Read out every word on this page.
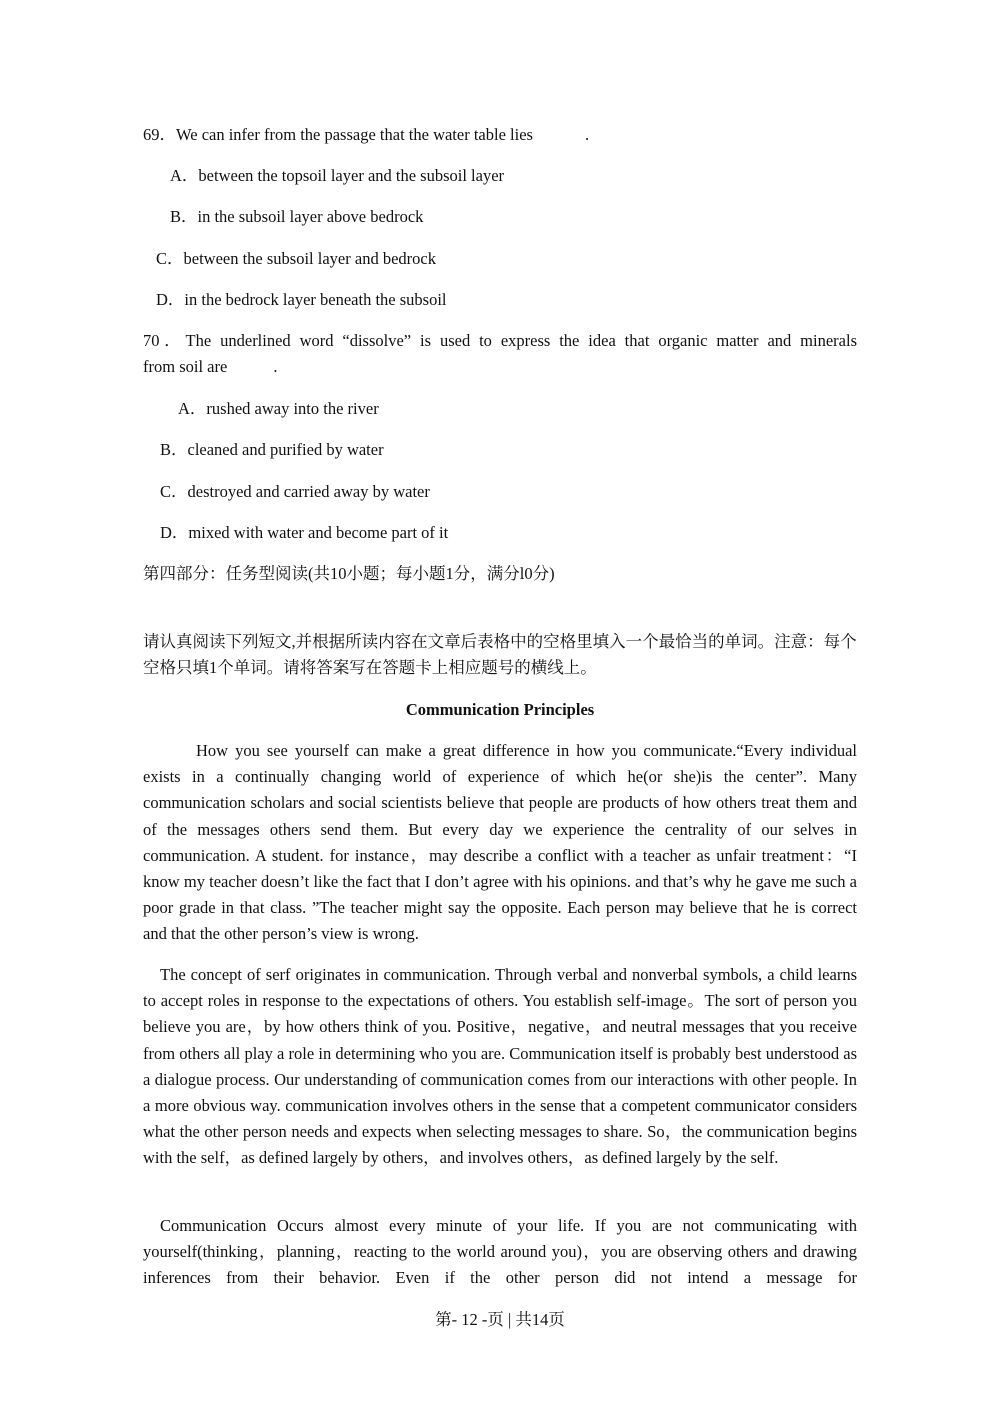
69．We can infer from the passage that the water table lies	.
A．between the topsoil layer and the subsoil layer
B．in the subsoil layer above bedrock
C．between the subsoil layer and bedrock
D．in the bedrock layer beneath the subsoil
70．The underlined word “dissolve” is used to express the idea that organic matter and minerals
from soil are	.
A．rushed away into the river
B．cleaned and purified by water
C．destroyed and carried away by water
D．mixed with water and become part of it
第四部分：任务型阅读(共10小题；每小题1分，满分l0分)
请认真阅读下列短文,并根据所读内容在文章后表格中的空格里填入一个最恰当的单词。注意：每个空格只填1个单词。请将答案写在答题卡上相应题号的横线上。
Communication Principles
How you see yourself can make a great difference in how you communicate.“Every individual exists in a continually changing world of experience of which he(or she)is the center”. Many communication scholars and social scientists believe that people are products of how others treat them and of the messages others send them. But every day we experience the centrality of our selves in communication. A student. for instance，may describe a conflict with a teacher as unfair treatment：“I know my teacher doesn’t like the fact that I don’t agree with his opinions. and that’s why he gave me such a poor grade in that class. ”The teacher might say the opposite. Each person may believe that he is correct and that the other person’s view is wrong.
The concept of serf originates in communication. Through verbal and nonverbal symbols, a child learns to accept roles in response to the expectations of others. You establish self-image。The sort of person you believe you are，by how others think of you. Positive，negative，and neutral messages that you receive from others all play a role in determining who you are. Communication itself is probably best understood as a dialogue process. Our understanding of communication comes from our interactions with other people. In a more obvious way. communication involves others in the sense that a competent communicator considers what the other person needs and expects when selecting messages to share. So，the communication begins with the self，as defined largely by others，and involves others，as defined largely by the self.
Communication Occurs almost every minute of your life. If you are not communicating with yourself(thinking，planning，reacting to the world around you)，you are observing others and drawing inferences from their behavior. Even if the other person did not intend a message for
第- 12 -页 | 共14页
